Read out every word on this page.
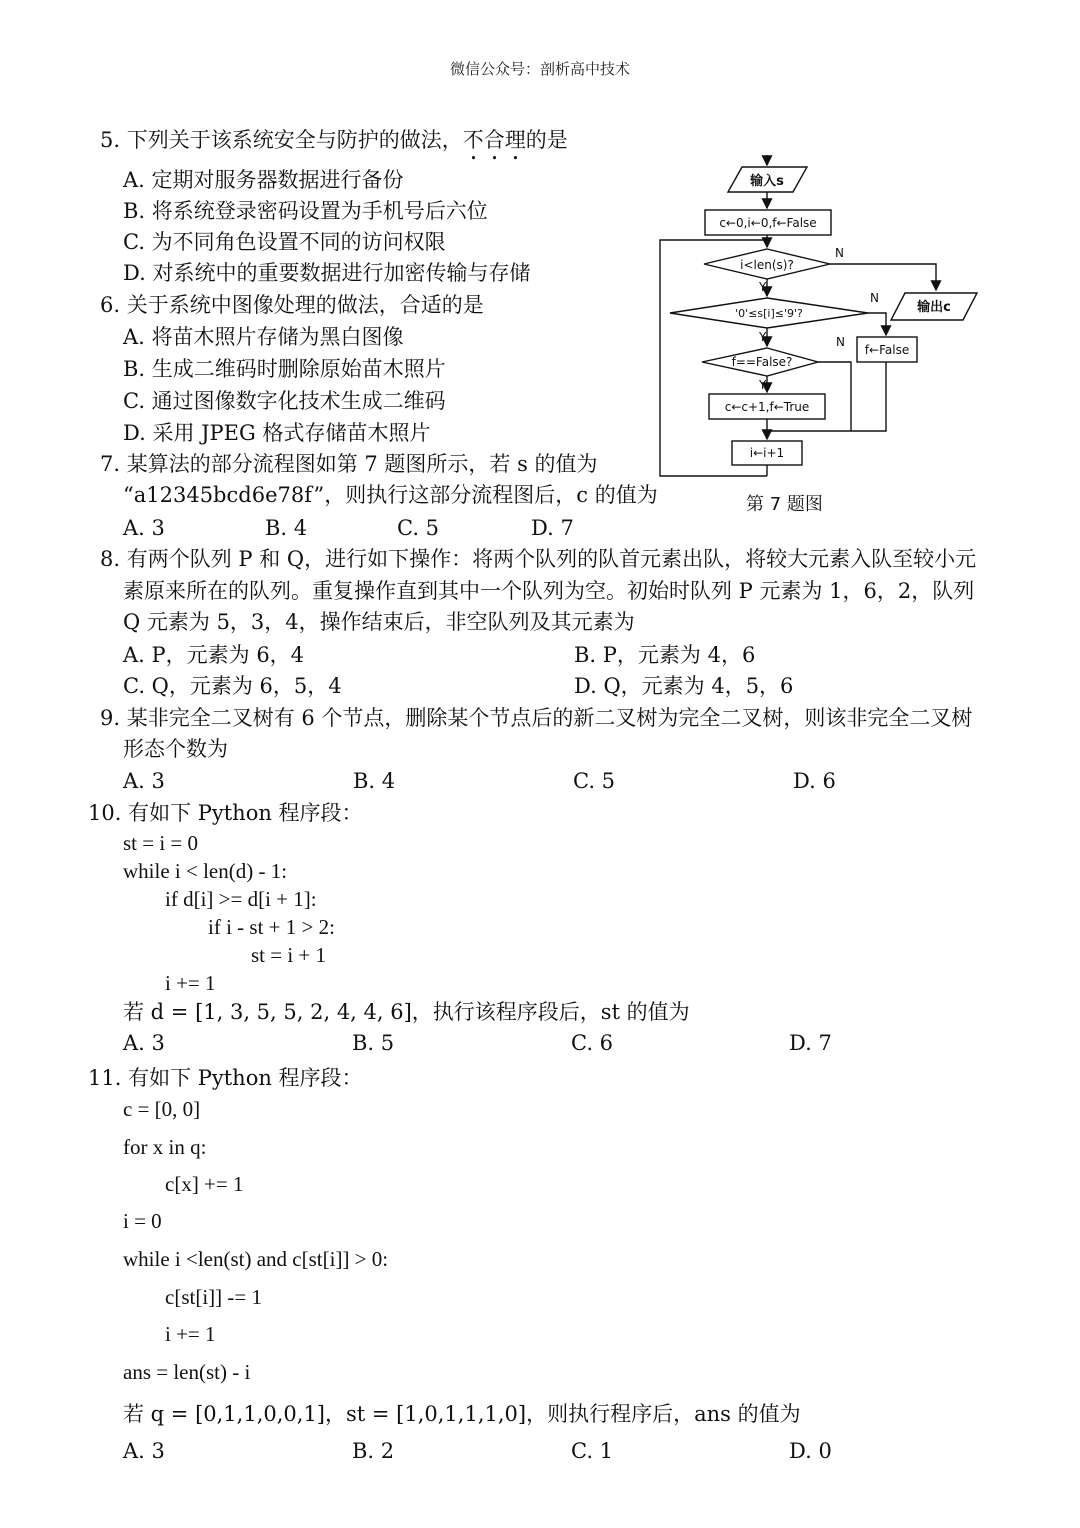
微信公众号：剖析高中技术
5. 下列关于该系统安全与防护的做法，不合理的是
A. 定期对服务器数据进行备份
B. 将系统登录密码设置为手机号后六位
C. 为不同角色设置不同的访问权限
D. 对系统中的重要数据进行加密传输与存储
6. 关于系统中图像处理的做法，合适的是
A. 将苗木照片存储为黑白图像
B. 生成二维码时删除原始苗木照片
C. 通过图像数字化技术生成二维码
D. 采用 JPEG 格式存储苗木照片
7. 某算法的部分流程图如第 7 题图所示，若 s 的值为
“a12345bcd6e78f”，则执行这部分流程图后，c 的值为
A. 3	B. 4	C. 5	D. 7
输入s
c←0,i←0,f←False
i<len(s)?
'0'≤s[i]≤'9'?
f==False?
c←c+1,f←True
f←False
i←i+1
输出c
Y
Y
Y
N
N
N
第 7 题图
8. 有两个队列 P 和 Q，进行如下操作：将两个队列的队首元素出队，将较大元素入队至较小元
素原来所在的队列。重复操作直到其中一个队列为空。初始时队列 P 元素为 1，6，2，队列
Q 元素为 5，3，4，操作结束后，非空队列及其元素为
A. P，元素为 6，4	B. P，元素为 4，6
C. Q，元素为 6，5，4	D. Q，元素为 4，5，6
9. 某非完全二叉树有 6 个节点，删除某个节点后的新二叉树为完全二叉树，则该非完全二叉树
形态个数为
A. 3	B. 4	C. 5	D. 6
10. 有如下 Python 程序段：
st = i = 0
while i < len(d) - 1:
if d[i] >= d[i + 1]:
if i - st + 1 > 2:
st = i + 1
i += 1
若 d = [1, 3, 5, 5, 2, 4, 4, 6]，执行该程序段后，st 的值为
A. 3	B. 5	C. 6	D. 7
11. 有如下 Python 程序段：
c = [0, 0]
for x in q:
c[x] += 1
i = 0
while i <len(st) and c[st[i]] > 0:
c[st[i]] -= 1
i += 1
ans = len(st) - i
若 q = [0,1,1,0,0,1]，st = [1,0,1,1,1,0]，则执行程序后，ans 的值为
A. 3	B. 2	C. 1	D. 0
